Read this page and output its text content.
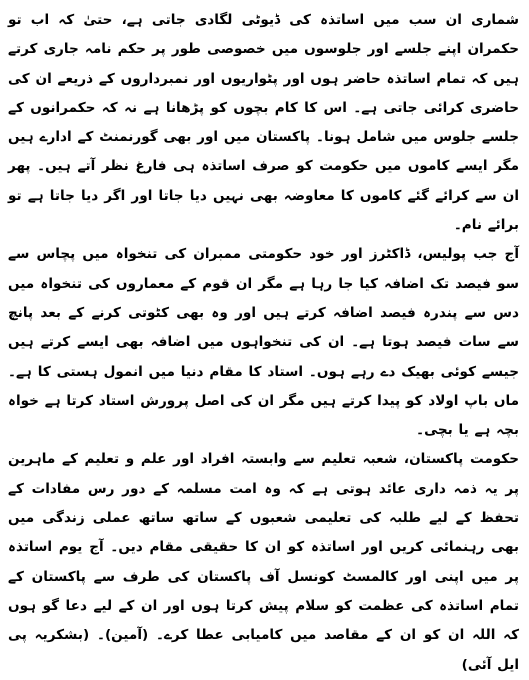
شماری ان سب میں اساتذہ کی ڈیوٹی لگادی جاتی ہے، حتیٰ کہ اب تو حکمران اپنے جلسے اور جلوسوں میں خصوصی طور پر حکم نامہ جاری کرتے ہیں کہ تمام اساتذہ حاضر ہوں اور پٹواریوں اور نمبرداروں کے ذریعے ان کی حاضری کرائی جاتی ہے۔ اس کا کام بچوں کو پڑھانا ہے نہ کہ حکمرانوں کے جلسے جلوس میں شامل ہونا۔ پاکستان میں اور بھی گورنمنٹ کے ادارے ہیں مگر ایسے کاموں میں حکومت کو صرف اساتذہ ہی فارغ نظر آتے ہیں۔ پھر ان سے کرائے گئے کاموں کا معاوضہ بھی نہیں دیا جاتا اور اگر دیا جاتا ہے تو برائے نام۔

آج جب پولیس، ڈاکٹرز اور خود حکومتی ممبران کی تنخواہ میں پچاس سے سو فیصد تک اضافہ کیا جا رہا ہے مگر ان قوم کے معماروں کی تنخواہ میں دس سے پندرہ فیصد اضافہ کرتے ہیں اور وہ بھی کٹوتی کرنے کے بعد پانچ سے سات فیصد ہوتا ہے۔ ان کی تنخواہوں میں اضافہ بھی ایسے کرتے ہیں جیسے کوئی بھیک دے رہے ہوں۔ استاد کا مقام دنیا میں انمول ہستی کا ہے۔ ماں باپ اولاد کو پیدا کرتے ہیں مگر ان کی اصل پرورش استاد کرتا ہے خواہ بچہ ہے یا بچی۔

حکومت پاکستان، شعبہ تعلیم سے وابستہ افراد اور علم و تعلیم کے ماہرین پر یہ ذمہ داری عائد ہوتی ہے کہ وہ امت مسلمہ کے دور رس مفادات کے تحفظ کے لیے طلبہ کی تعلیمی شعبوں کے ساتھ ساتھ عملی زندگی میں بھی رہنمائی کریں اور اساتذہ کو ان کا حقیقی مقام دیں۔ آج یوم اساتذہ پر میں اپنی اور کالمسٹ کونسل آف پاکستان کی طرف سے پاکستان کے تمام اساتذہ کی عظمت کو سلام پیش کرتا ہوں اور ان کے لیے دعا گو ہوں کہ اللہ ان کو ان کے مقاصد میں کامیابی عطا کرے۔ (آمین)۔ (بشکریہ پی ایل آئی)
